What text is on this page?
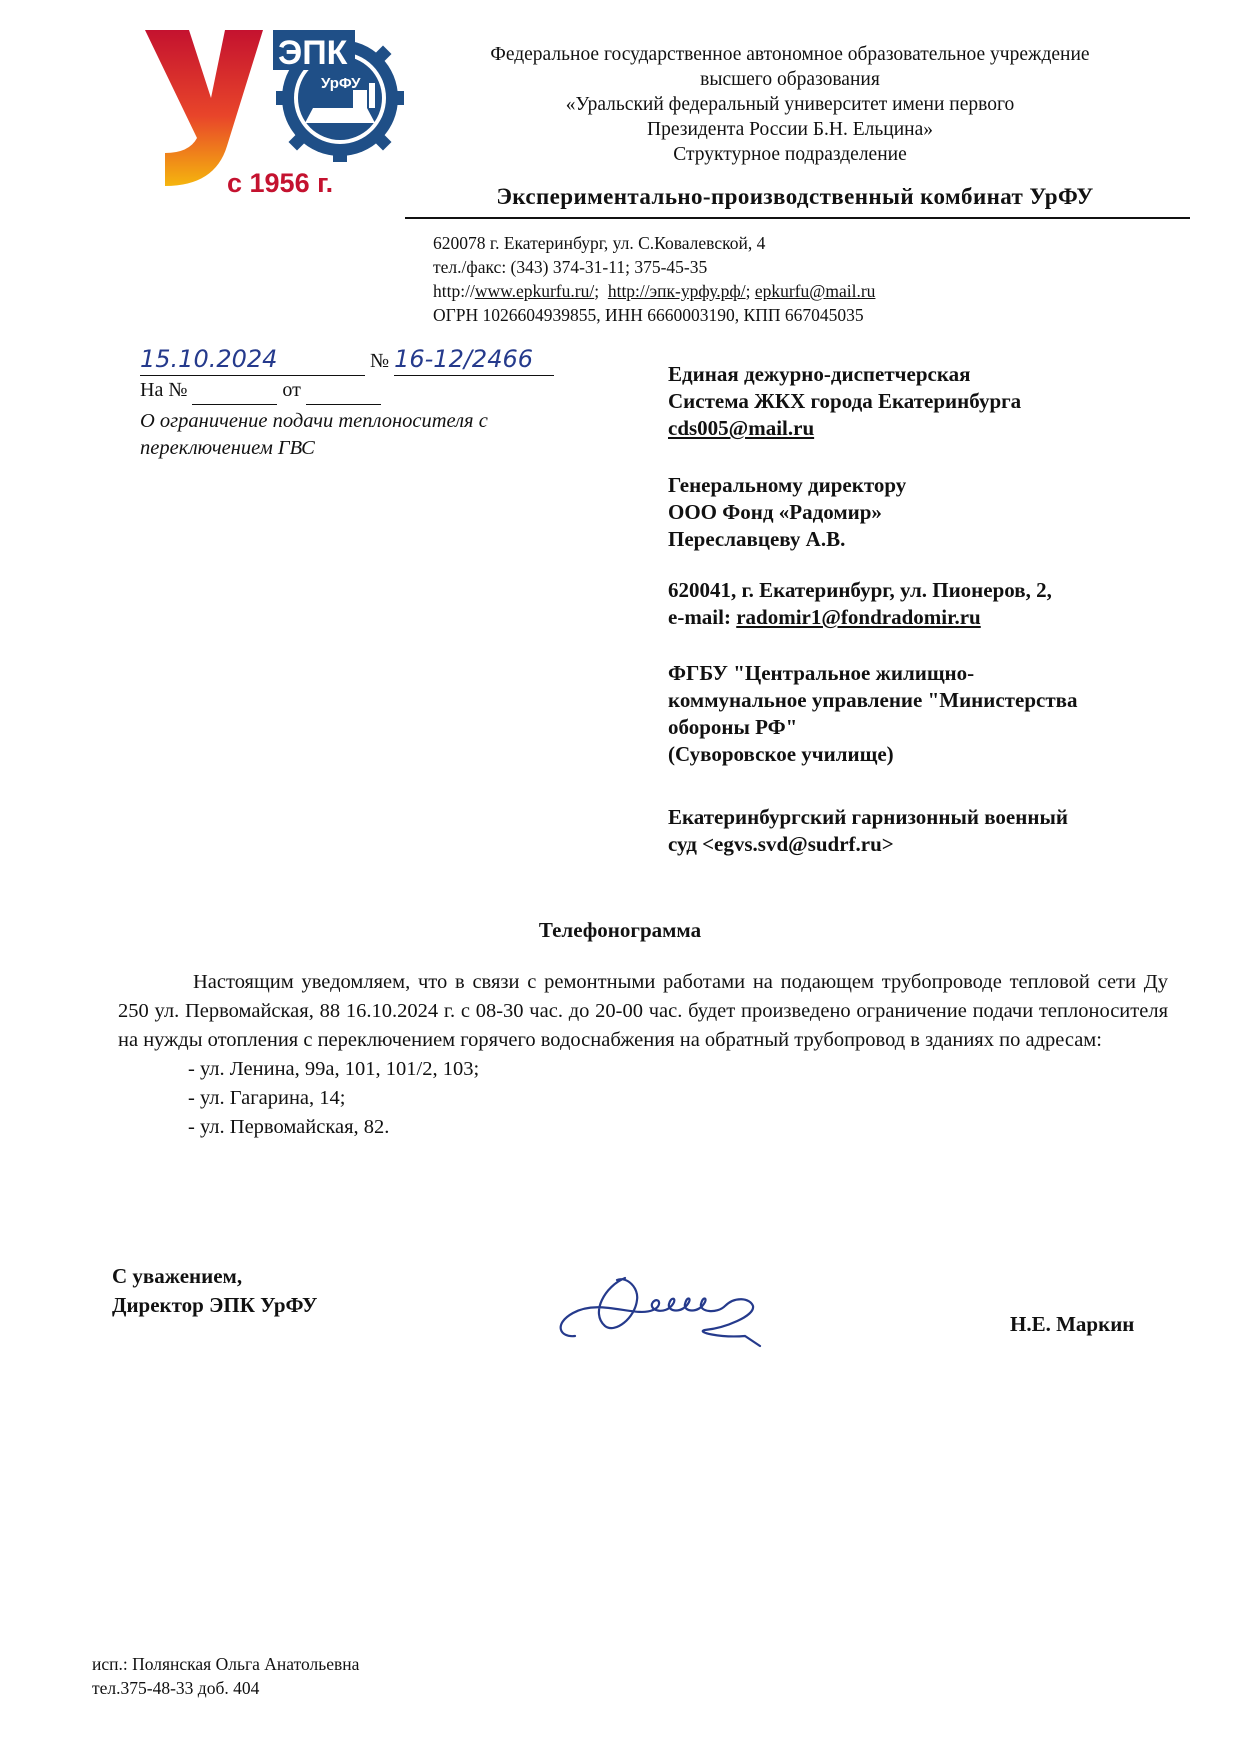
ЭПК
УрФУ
с 1956 г.
Федеральное государственное автономное образовательное учреждение
высшего образования
«Уральский федеральный университет имени первого
Президента России Б.Н. Ельцина»
Структурное подразделение
Экспериментально-производственный комбинат УрФУ
620078 г. Екатеринбург, ул. С.Ковалевской, 4
тел./факс: (343) 374-31-11; 375-45-35
http://www.epkurfu.ru/; http://эпк-урфу.рф/; epkurfu@mail.ru
ОГРН 1026604939855, ИНН 6660003190, КПП 667045035
15.10.2024	№ 16-12/2466
На №	от
О ограничение подачи теплоносителя с переключением ГВС
Единая дежурно-диспетчерская
Система ЖКХ города Екатеринбурга
cds005@mail.ru
Генеральному директору
ООО Фонд «Радомир»
Переславцеву А.В.
620041, г. Екатеринбург, ул. Пионеров, 2,
e-mail: radomir1@fondradomir.ru
ФГБУ "Центральное жилищно-
коммунальное управление "Министерства
обороны РФ"
(Суворовское училище)
Екатеринбургский гарнизонный военный
суд <egvs.svd@sudrf.ru>
Телефонограмма

Настоящим уведомляем, что в связи с ремонтными работами на подающем трубопроводе тепловой сети Ду 250 ул. Первомайская, 88 16.10.2024 г. с 08-30 час. до 20-00 час. будет произведено ограничение подачи теплоносителя на нужды отопления с переключением горячего водоснабжения на обратный трубопровод в зданиях по адресам:

- ул. Ленина, 99а, 101, 101/2, 103;
- ул. Гагарина, 14;
- ул. Первомайская, 82.
С уважением,
Директор ЭПК УрФУ
Н.Е. Маркин
исп.: Полянская Ольга Анатольевна
тел.375-48-33 доб. 404
